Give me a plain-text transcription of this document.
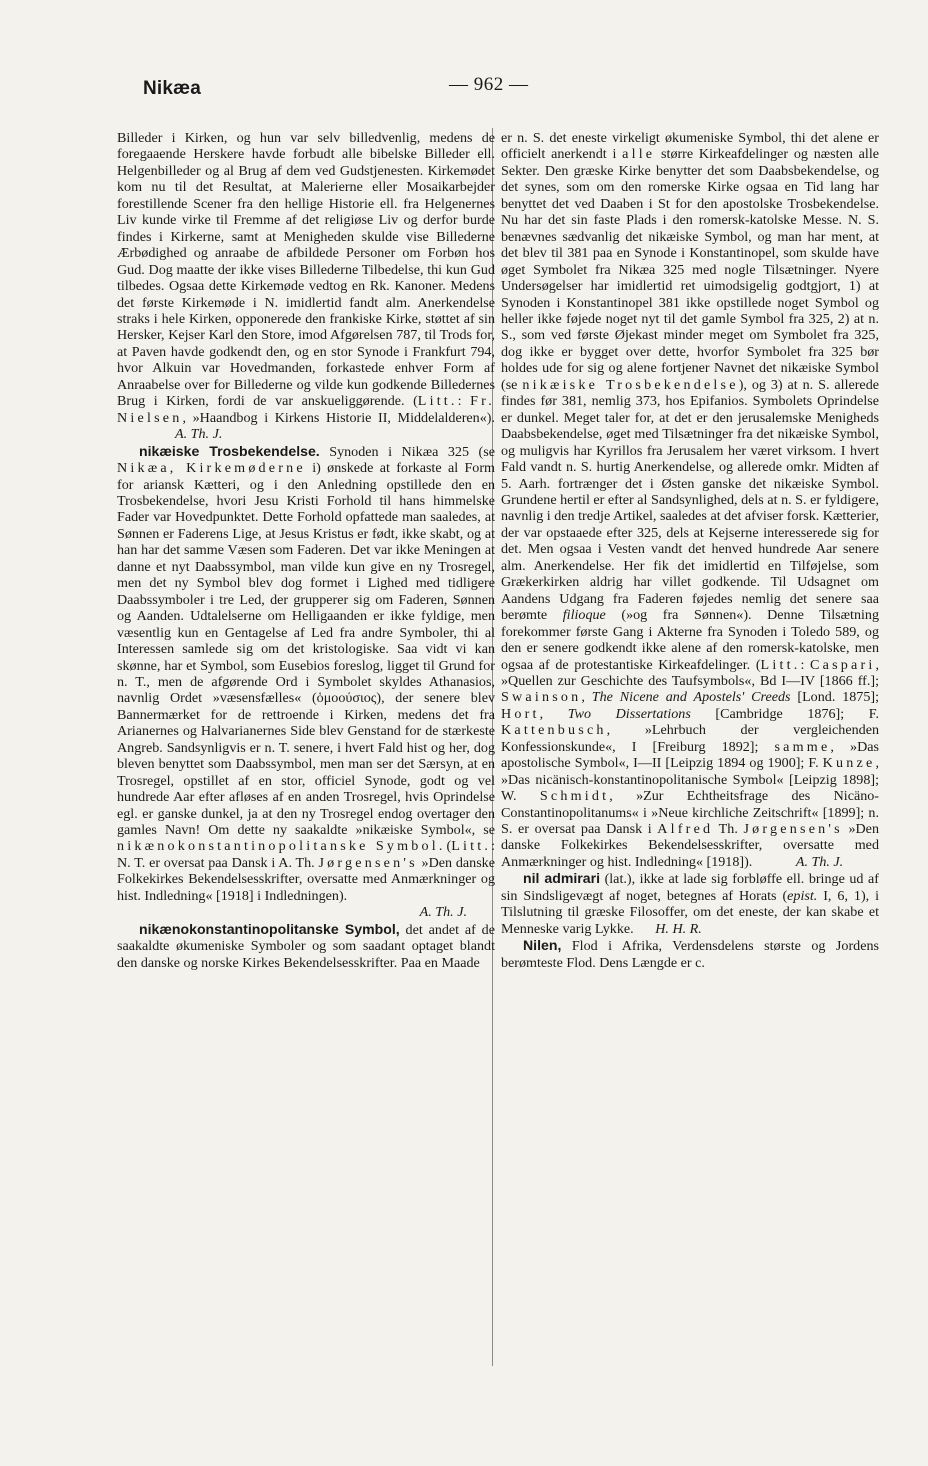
Nikæa	— 962 —

Billeder i Kirken, og hun var selv billedvenlig, medens de foregaaende Herskere havde forbudt alle bibelske Billeder ell. Helgenbilleder og al Brug af dem ved Gudstjenesten. Kirkemødet kom nu til det Resultat, at Malerierne eller Mosaikarbejder forestillende Scener fra den hellige Historie ell. fra Helgenernes Liv kunde virke til Fremme af det religiøse Liv og derfor burde findes i Kirkerne, samt at Menigheden skulde vise Billederne Ærbødighed og anraabe de afbildede Personer om Forbøn hos Gud. Dog maatte der ikke vises Billederne Tilbedelse, thi kun Gud tilbedes. Ogsaa dette Kirkemøde vedtog en Rk. Kanoner. Medens det første Kirkemøde i N. imidlertid fandt alm. Anerkendelse straks i hele Kirken, opponerede den frankiske Kirke, støttet af sin Hersker, Kejser Karl den Store, imod Afgørelsen 787, til Trods for, at Paven havde godkendt den, og en stor Synode i Frankfurt 794, hvor Alkuin var Hovedmanden, forkastede enhver Form af Anraabelse over for Billederne og vilde kun godkende Billedernes Brug i Kirken, fordi de var anskueliggørende. (Litt.: Fr. Nielsen, »Haandbog i Kirkens Historie II, Middelalderen«). A. Th. J.

nikæiske Trosbekendelse. Synoden i Nikæa 325 (se Nikæa, Kirkemøderne i) ønskede at forkaste al Form for ariansk Kætteri, og i den Anledning opstillede den en Trosbekendelse, hvori Jesu Kristi Forhold til hans himmelske Fader var Hovedpunktet. Dette Forhold opfattede man saaledes, at Sønnen er Faderens Lige, at Jesus Kristus er født, ikke skabt, og at han har det samme Væsen som Faderen. Det var ikke Meningen at danne et nyt Daabssymbol, man vilde kun give en ny Trosregel, men det ny Symbol blev dog formet i Lighed med tidligere Daabssymboler i tre Led, der grupperer sig om Faderen, Sønnen og Aanden. Udtalelserne om Helligaanden er ikke fyldige, men væsentlig kun en Gentagelse af Led fra andre Symboler, thi al Interessen samlede sig om det kristologiske. Saa vidt vi kan skønne, har et Symbol, som Eusebios foreslog, ligget til Grund for n. T., men de afgørende Ord i Symbolet skyldes Athanasios, navnlig Ordet »væsensfælles« (ὁμοούσιος), der senere blev Bannermærket for de rettroende i Kirken, medens det fra Arianernes og Halvarianernes Side blev Genstand for de stærkeste Angreb. Sandsynligvis er n. T. senere, i hvert Fald hist og her, dog bleven benyttet som Daabssymbol, men man ser det Særsyn, at en Trosregel, opstillet af en stor, officiel Synode, godt og vel hundrede Aar efter afløses af en anden Trosregel, hvis Oprindelse egl. er ganske dunkel, ja at den ny Trosregel endog overtager den gamles Navn! Om dette ny saakaldte »nikæiske Symbol«, se nikænokonstantinopolitanske Symbol. (Litt.: N. T. er oversat paa Dansk i A. Th. Jørgensen's »Den danske Folkekirkes Bekendelsesskrifter, oversatte med Anmærkninger og hist. Indledning« [1918] i Indledningen).

A. Th. J.

nikænokonstantinopolitanske Symbol, det andet af de saakaldte økumeniske Symboler og som saadant optaget blandt den danske og norske Kirkes Bekendelsesskrifter. Paa en Maade

er n. S. det eneste virkeligt økumeniske Symbol, thi det alene er officielt anerkendt i alle større Kirkeafdelinger og næsten alle Sekter. Den græske Kirke benytter det som Daabsbekendelse, og det synes, som om den romerske Kirke ogsaa en Tid lang har benyttet det ved Daaben i St for den apostolske Trosbekendelse. Nu har det sin faste Plads i den romersk-katolske Messe. N. S. benævnes sædvanlig det nikæiske Symbol, og man har ment, at det blev til 381 paa en Synode i Konstantinopel, som skulde have øget Symbolet fra Nikæa 325 med nogle Tilsætninger. Nyere Undersøgelser har imidlertid ret uimodsigelig godtgjort, 1) at Synoden i Konstantinopel 381 ikke opstillede noget Symbol og heller ikke føjede noget nyt til det gamle Symbol fra 325, 2) at n. S., som ved første Øjekast minder meget om Symbolet fra 325, dog ikke er bygget over dette, hvorfor Symbolet fra 325 bør holdes ude for sig og alene fortjener Navnet det nikæiske Symbol (se nikæiske Trosbekendelse), og 3) at n. S. allerede findes før 381, nemlig 373, hos Epifanios. Symbolets Oprindelse er dunkel. Meget taler for, at det er den jerusalemske Menigheds Daabsbekendelse, øget med Tilsætninger fra det nikæiske Symbol, og muligvis har Kyrillos fra Jerusalem her været virksom. I hvert Fald vandt n. S. hurtig Anerkendelse, og allerede omkr. Midten af 5. Aarh. fortrænger det i Østen ganske det nikæiske Symbol. Grundene hertil er efter al Sandsynlighed, dels at n. S. er fyldigere, navnlig i den tredje Artikel, saaledes at det afviser forsk. Kætterier, der var opstaaede efter 325, dels at Kejserne interesserede sig for det. Men ogsaa i Vesten vandt det henved hundrede Aar senere alm. Anerkendelse. Her fik det imidlertid en Tilføjelse, som Grækerkirken aldrig har villet godkende. Til Udsagnet om Aandens Udgang fra Faderen føjedes nemlig det senere saa berømte filioque (»og fra Sønnen«). Denne Tilsætning forekommer første Gang i Akterne fra Synoden i Toledo 589, og den er senere godkendt ikke alene af den romersk-katolske, men ogsaa af de protestantiske Kirkeafdelinger. (Litt.: Caspari, »Quellen zur Geschichte des Taufsymbols«, Bd I—IV [1866 ff.]; Swainson, The Nicene and Apostels' Creeds [Lond. 1875]; Hort, Two Dissertations [Cambridge 1876]; F. Kattenbusch, »Lehrbuch der vergleichenden Konfessionskunde«, I [Freiburg 1892]; samme, »Das apostolische Symbol«, I—II [Leipzig 1894 og 1900]; F. Kunze, »Das nicänisch-konstantinopolitanische Symbol« [Leipzig 1898]; W. Schmidt, »Zur Echtheitsfrage des Nicäno-Constantinopolitanums« i »Neue kirchliche Zeitschrift« [1899]; n. S. er oversat paa Dansk i Alfred Th. Jørgensen's »Den danske Folkekirkes Bekendelsesskrifter, oversatte med Anmærkninger og hist. Indledning« [1918]).	A. Th. J.

nil admirari (lat.), ikke at lade sig forbløffe ell. bringe ud af sin Sindsligevægt af noget, betegnes af Horats (epist. I, 6, 1), i Tilslutning til græske Filosoffer, om det eneste, der kan skabe et Menneske varig Lykke. H. H. R.

Nilen, Flod i Afrika, Verdensdelens største og Jordens berømteste Flod. Dens Længde er c.
